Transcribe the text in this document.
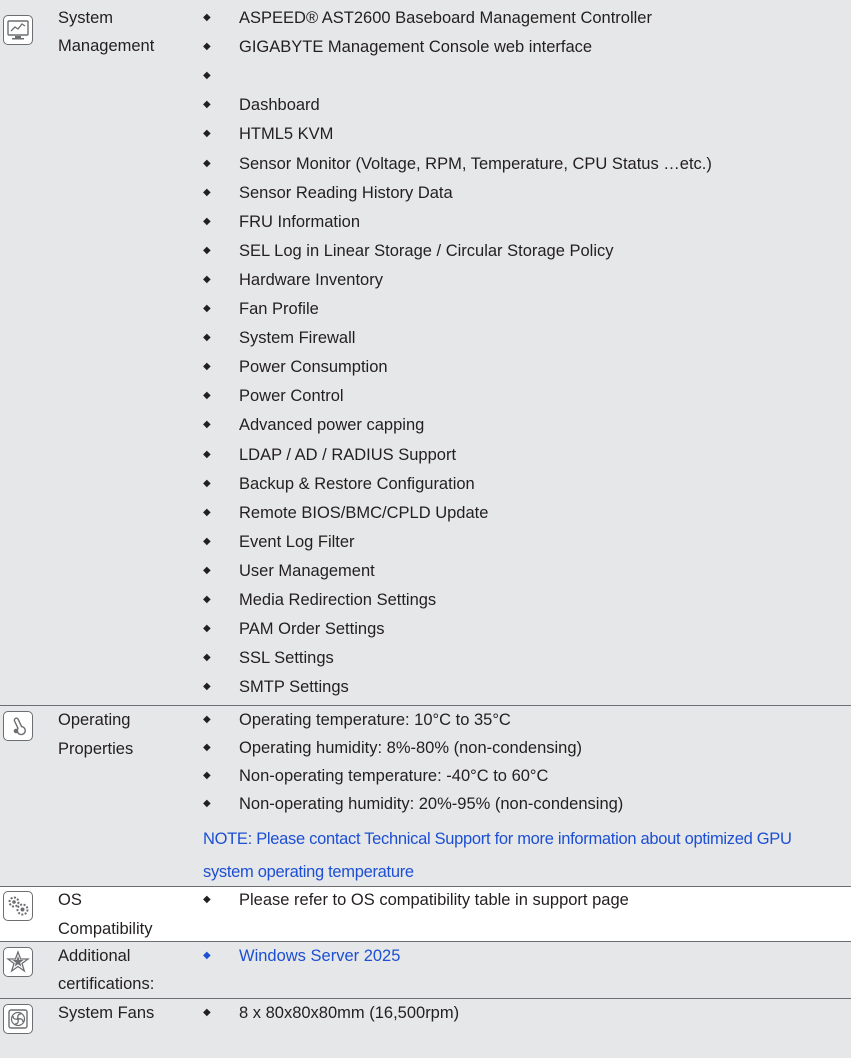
System
Management
◆ ASPEED® AST2600 Baseboard Management Controller
◆ GIGABYTE Management Console web interface
◆
◆ Dashboard
◆ HTML5 KVM
◆ Sensor Monitor (Voltage, RPM, Temperature, CPU Status …etc.)
◆ Sensor Reading History Data
◆ FRU Information
◆ SEL Log in Linear Storage / Circular Storage Policy
◆ Hardware Inventory
◆ Fan Profile
◆ System Firewall
◆ Power Consumption
◆ Power Control
◆ Advanced power capping
◆ LDAP / AD / RADIUS Support
◆ Backup & Restore Configuration
◆ Remote BIOS/BMC/CPLD Update
◆ Event Log Filter
◆ User Management
◆ Media Redirection Settings
◆ PAM Order Settings
◆ SSL Settings
◆ SMTP Settings
Operating
Properties
◆ Operating temperature: 10°C to 35°C
◆ Operating humidity: 8%-80% (non-condensing)
◆ Non-operating temperature: -40°C to 60°C
◆ Non-operating humidity: 20%-95% (non-condensing)
NOTE: Please contact Technical Support for more information about optimized GPU
system operating temperature
OS
Compatibility
◆ Please refer to OS compatibility table in support page
Additional
certifications:
◆ Windows Server 2025
System Fans	◆ 8 x 80x80x80mm (16,500rpm)
